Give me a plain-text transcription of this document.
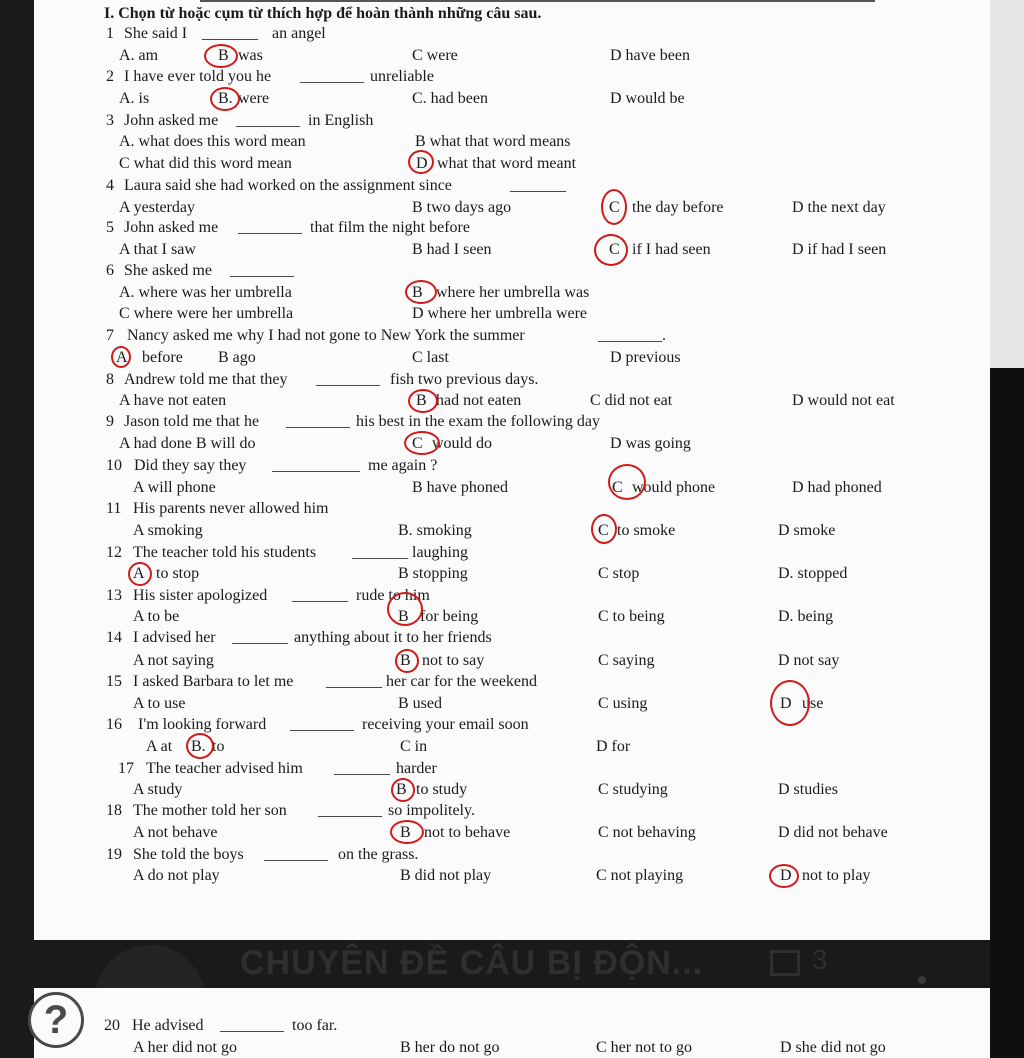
I. Chọn từ hoặc cụm từ thích hợp để hoàn thành những câu sau.
1 She said I _______ an angel
A. am	B was	C were	D have been
2 I have ever told you he ________ unreliable
A. is	B. were	C. had been	D would be
3 John asked me ________ in English
A. what does this word mean	B what that word means
C what did this word mean	D what that word meant
4 Laura said she had worked on the assignment since	_______
A yesterday	B two days ago	C the day before	D the next day
5 John asked me ________ that film the night before
A that I saw	B had I seen	C if I had seen	D if had I seen
6 She asked me ________
A. where was her umbrella	B where her umbrella was
C where were her umbrella	D where her umbrella were
7 Nancy asked me why I had not gone to New York the summer	________.
A before B ago	C last	D previous
8 Andrew told me that they ________ fish two previous days.
A have not eaten	B had not eaten	C did not eat	D would not eat
9 Jason told me that he ________ his best in the exam the following day
A had done B will do	C would do	D was going
10 Did they say they ___________ me again ?
A will phone	B have phoned	C would phone	D had phoned
11 His parents never allowed him
A smoking	B. smoking	C to smoke	D smoke
12 The teacher told his students _______ laughing
A to stop	B stopping	C stop	D. stopped
13 His sister apologized _______ rude to him
A to be	B for being	C to being	D. being
14 I advised her _______ anything about it to her friends
A not saying	B not to say	C saying	D not say
15 I asked Barbara to let me _______ her car for the weekend
A to use	B used	C using	D use
16 I'm looking forward ________ receiving your email soon
A at B. to	C in	D for
17 The teacher advised him _______ harder
A study	B to study	C studying	D studies
18 The mother told her son ________ so impolitely.
A not behave	B not to behave	C not behaving	D did not behave
19 She told the boys ________ on the grass.
A do not play	B did not play	C not playing	D not to play
CHUYÊN ĐỀ CÂU BỊ ĐỘN...	3
20 He advised ________ too far.
A her did not go	B her do not go	C her not to go	D she did not go
?
